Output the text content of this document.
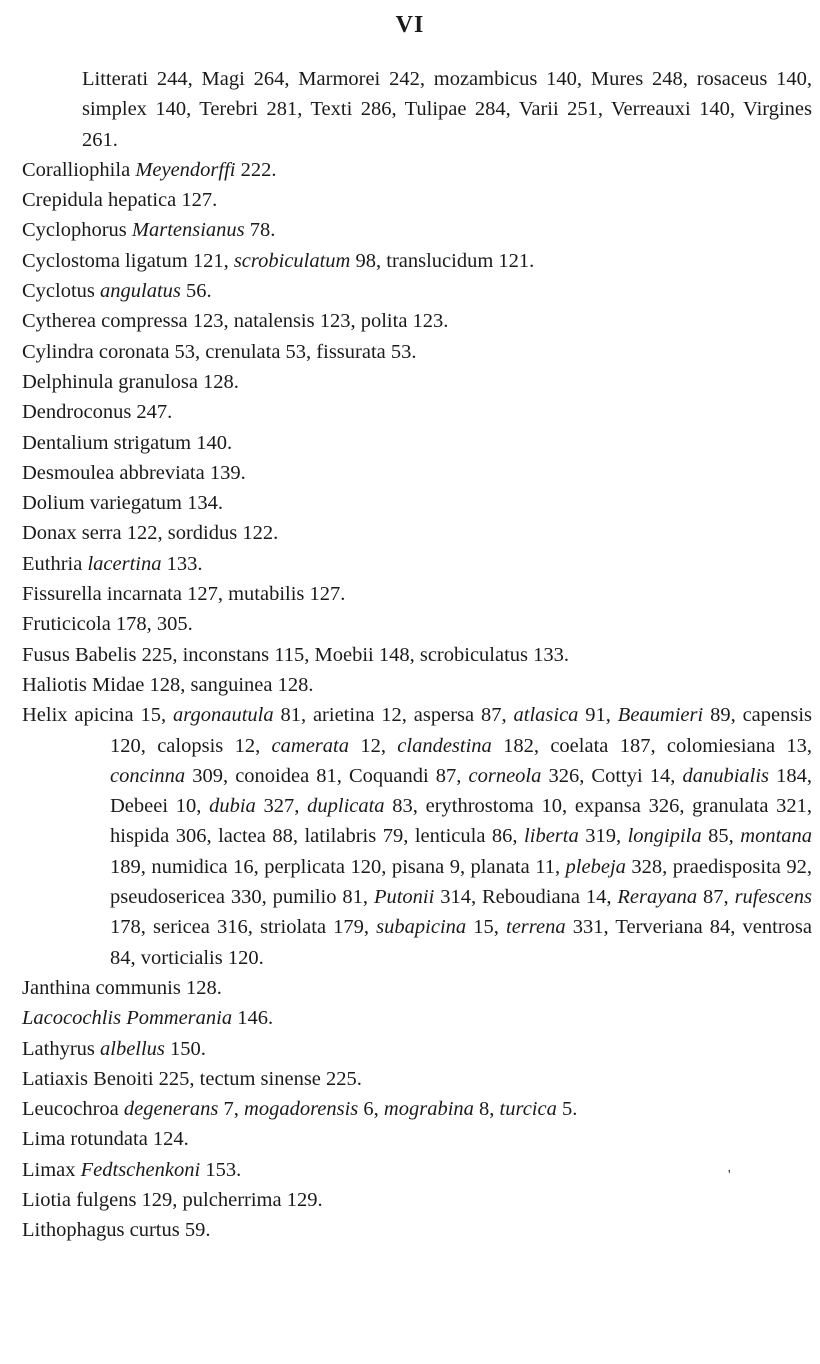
VI

Litterati 244, Magi 264, Marmorei 242, mozambicus 140, Mures 248, rosaceus 140, simplex 140, Terebri 281, Texti 286, Tulipae 284, Varii 251, Verreauxi 140, Virgines 261.

Coralliophila Meyendorffi 222.

Crepidula hepatica 127.

Cyclophorus Martensianus 78.

Cyclostoma ligatum 121, scrobiculatum 98, translucidum 121.

Cyclotus angulatus 56.

Cytherea compressa 123, natalensis 123, polita 123.

Cylindra coronata 53, crenulata 53, fissurata 53.

Delphinula granulosa 128.

Dendroconus 247.

Dentalium strigatum 140.

Desmoulea abbreviata 139.

Dolium variegatum 134.

Donax serra 122, sordidus 122.

Euthria lacertina 133.

Fissurella incarnata 127, mutabilis 127.

Fruticicola 178, 305.

Fusus Babelis 225, inconstans 115, Moebii 148, scrobiculatus 133.

Haliotis Midae 128, sanguinea 128.

Helix apicina 15, argonautula 81, arietina 12, aspersa 87, atlasica 91, Beaumieri 89, capensis 120, calopsis 12, camerata 12, clandestina 182, coelata 187, colomiesiana 13, concinna 309, conoidea 81, Coquandi 87, corneola 326, Cottyi 14, danubialis 184, Debeei 10, dubia 327, duplicata 83, erythrostoma 10, expansa 326, granulata 321, hispida 306, lactea 88, latilabris 79, lenticula 86, liberta 319, longipila 85, montana 189, numidica 16, perplicata 120, pisana 9, planata 11, plebeja 328, praedisposita 92, pseudosericea 330, pumilio 81, Putonii 314, Reboudiana 14, Rerayana 87, rufescens 178, sericea 316, striolata 179, subapicina 15, terrena 331, Terveriana 84, ventrosa 84, vorticialis 120.

Janthina communis 128.

Lacocochlis Pommerania 146.

Lathyrus albellus 150.

Latiaxis Benoiti 225, tectum sinense 225.

Leucochroa degenerans 7, mogadorensis 6, mograbina 8, turcica 5.

Lima rotundata 124.

Limax Fedtschenkoni 153.

Liotia fulgens 129, pulcherrima 129.

Lithophagus curtus 59.

'
